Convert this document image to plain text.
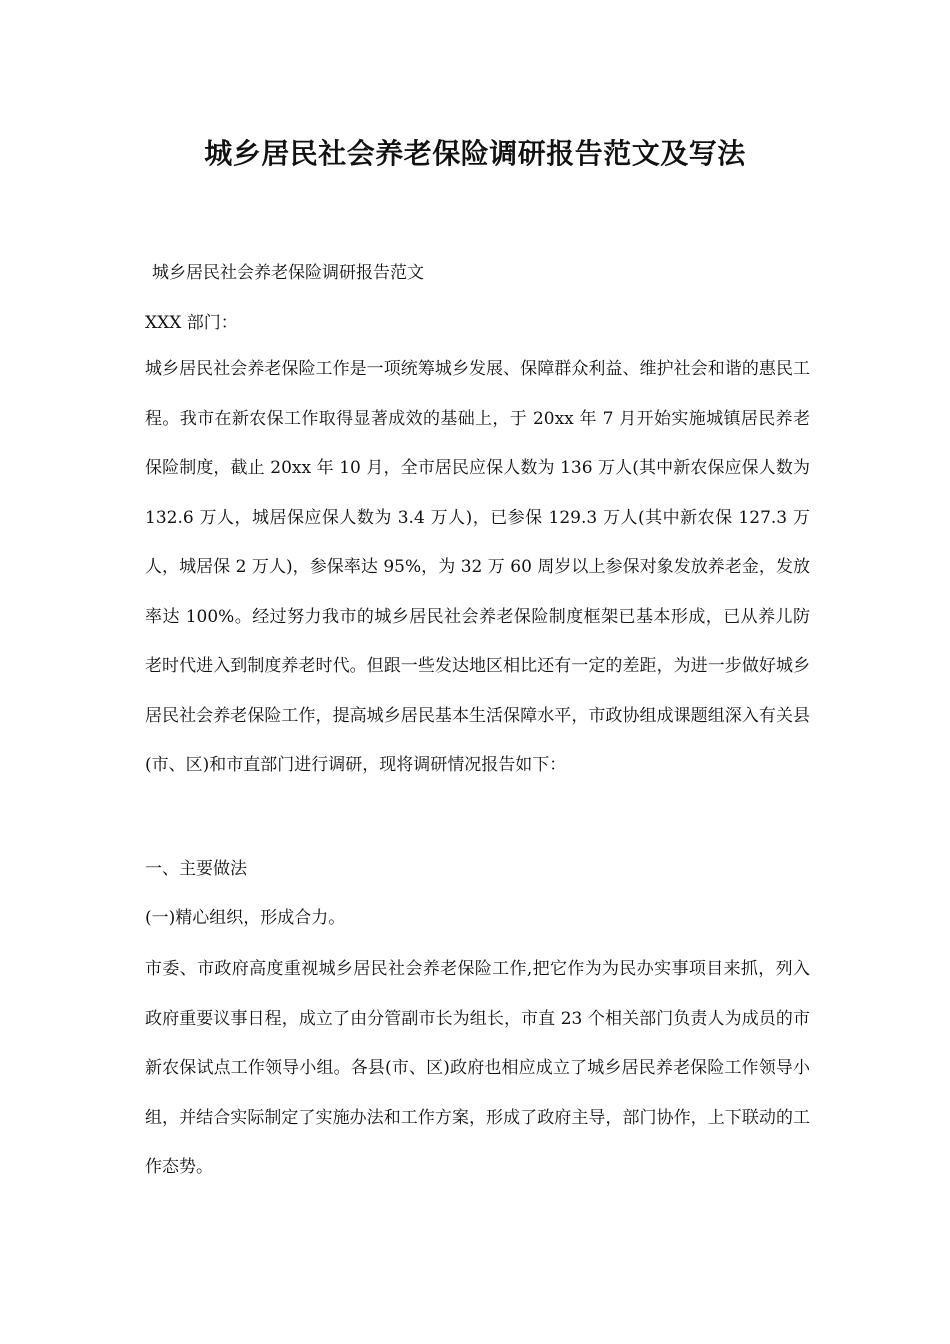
城乡居民社会养老保险调研报告范文及写法
城乡居民社会养老保险调研报告范文
XXX 部门：

城乡居民社会养老保险工作是一项统筹城乡发展、保障群众利益、维护社会和谐的惠民工程。我市在新农保工作取得显著成效的基础上，于 20xx 年 7 月开始实施城镇居民养老保险制度，截止 20xx 年 10 月，全市居民应保人数为 136 万人(其中新农保应保人数为 132.6 万人，城居保应保人数为 3.4 万人)，已参保 129.3 万人(其中新农保 127.3 万人，城居保 2 万人)，参保率达 95%，为 32 万 60 周岁以上参保对象发放养老金，发放率达 100%。经过努力我市的城乡居民社会养老保险制度框架已基本形成，已从养儿防老时代进入到制度养老时代。但跟一些发达地区相比还有一定的差距，为进一步做好城乡居民社会养老保险工作，提高城乡居民基本生活保障水平，市政协组成课题组深入有关县(市、区)和市直部门进行调研，现将调研情况报告如下：

一、主要做法
(一)精心组织，形成合力。

市委、市政府高度重视城乡居民社会养老保险工作,把它作为为民办实事项目来抓，列入政府重要议事日程，成立了由分管副市长为组长，市直 23 个相关部门负责人为成员的市新农保试点工作领导小组。各县(市、区)政府也相应成立了城乡居民养老保险工作领导小组，并结合实际制定了实施办法和工作方案，形成了政府主导，部门协作，上下联动的工作态势。
